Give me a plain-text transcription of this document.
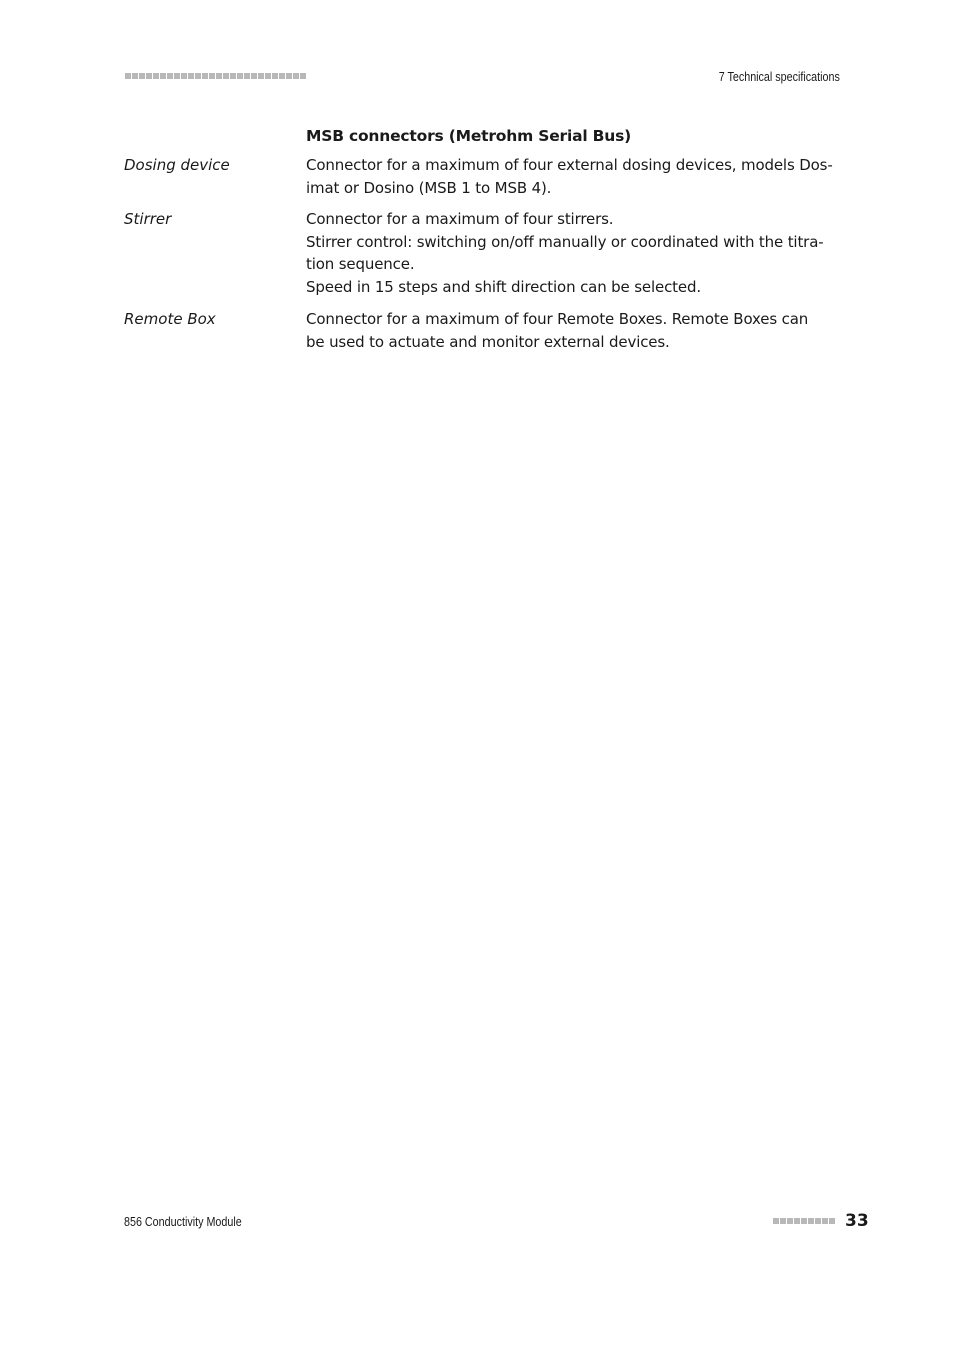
7 Technical specifications
MSB connectors (Metrohm Serial Bus)
Dosing device	Connector for a maximum of four external dosing devices, models Dos-
imat or Dosino (MSB 1 to MSB 4).
Stirrer	Connector for a maximum of four stirrers.
Stirrer control: switching on/off manually or coordinated with the titra-
tion sequence.
Speed in 15 steps and shift direction can be selected.
Remote Box	Connector for a maximum of four Remote Boxes. Remote Boxes can
be used to actuate and monitor external devices.
856 Conductivity Module	33
